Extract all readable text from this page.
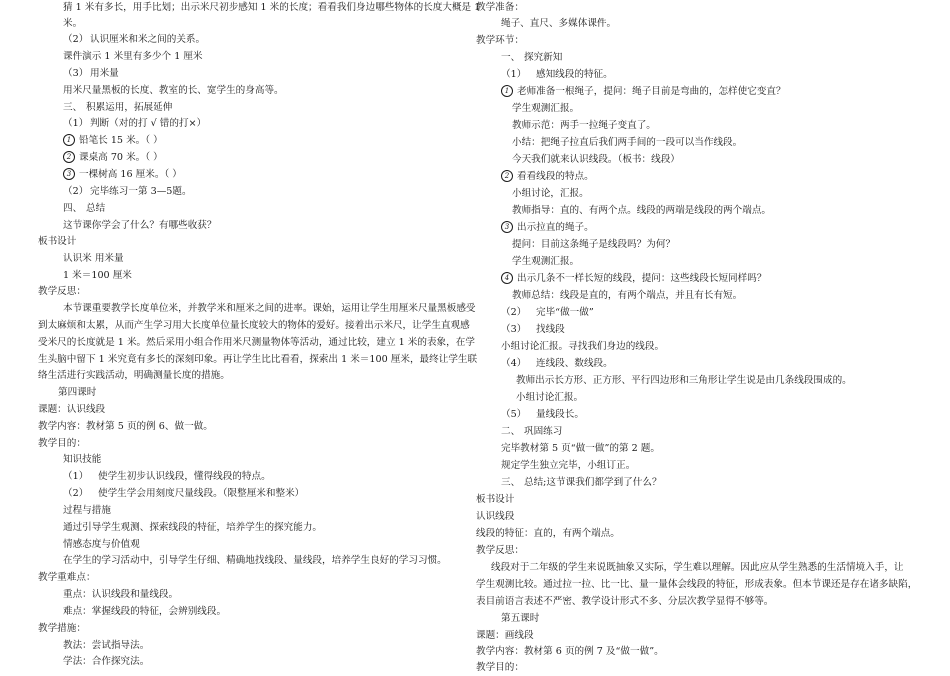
猜 1 米有多长，用手比划；出示米尺初步感知 1 米的长度；看看我们身边哪些物体的长度大概是 1
米。
（2） 认识厘米和米之间的关系。
课件演示 1 米里有多少个 1 厘米
（3） 用米量
用米尺量黑板的长度、教室的长、宽学生的身高等。
三、 积累运用，拓展延伸
（1） 判断（对的打 √ 错的打×）
1 铅笔长 15 米。（ ）
2 课桌高 70 米。（ ）
3 一棵树高 16 厘米。（ ）
（2） 完毕练习一第 3—5题。
四、 总结
这节课你学会了什么？有哪些收获？
板书设计
认识米 用米量
1 米＝100 厘米
教学反思：
本节课重要教学长度单位米，并教学米和厘米之间的进率。课始，运用让学生用厘米尺量黑板感受
到太麻烦和太累，从而产生学习用大长度单位量长度较大的物体的爱好。接着出示米尺，让学生直观感
受米尺的长度就是 1 米。然后采用小组合作用米尺测量物体等活动，通过比较，建立 1 米的表象，在学
生头脑中留下 1 米究竟有多长的深刻印象。再让学生比比看看，探索出 1 米＝100 厘米，最终让学生联
络生活进行实践活动，明确测量长度的措施。
第四课时
课题：认识线段
教学内容：教材第 5 页的例 6、做一做。
教学目的：
知识技能
（1） 使学生初步认识线段，懂得线段的特点。
（2） 使学生学会用刻度尺量线段。（限整厘米和整米）
过程与措施
通过引导学生观测、探索线段的特征，培养学生的探究能力。
情感态度与价值观
在学生的学习活动中，引导学生仔细、精确地找线段、量线段，培养学生良好的学习习惯。
教学重难点：
重点：认识线段和量线段。
难点：掌握线段的特征，会辨别线段。
教学措施：
教法：尝试指导法。
学法：合作探究法。
教学准备：
绳子、直尺、多媒体课件。
教学环节：
一、 探究新知
（1） 感知线段的特征。
1 老师准备一根绳子，提问：绳子目前是弯曲的，怎样使它变直？
学生观测汇报。
教师示范：两手一拉绳子变直了。
小结：把绳子拉直后我们两手间的一段可以当作线段。
今天我们就来认识线段。（板书：线段）
2 看看线段的特点。
小组讨论，汇报。
教师指导：直的、有两个点。线段的两端是线段的两个端点。
3 出示拉直的绳子。
提问：目前这条绳子是线段吗？为何？
学生观测汇报。
4 出示几条不一样长短的线段，提问：这些线段长短同样吗？
教师总结：线段是直的，有两个端点，并且有长有短。
（2） 完毕“做一做”
（3） 找线段
小组讨论汇报。寻找我们身边的线段。
（4） 连线段、数线段。
教师出示长方形、正方形、平行四边形和三角形让学生说是由几条线段围成的。
小组讨论汇报。
（5） 量线段长。
二、 巩固练习
完毕教材第 5 页“做一做”的第 2 题。
规定学生独立完毕，小组订正。
三、 总结;这节课我们都学到了什么？
板书设计
认识线段
线段的特征：直的，有两个端点。
教学反思：
线段对于二年级的学生来说既抽象又实际，学生难以理解。因此应从学生熟悉的生活情境入手，让
学生观测比较。通过拉一拉、比一比、量一量体会线段的特征，形成表象。但本节课还是存在诸多缺陷，
表目前语言表述不严密、教学设计形式不多、分层次教学显得不够等。
第五课时
课题：画线段
教学内容：教材第 6 页的例 7 及“做一做”。
教学目的：
